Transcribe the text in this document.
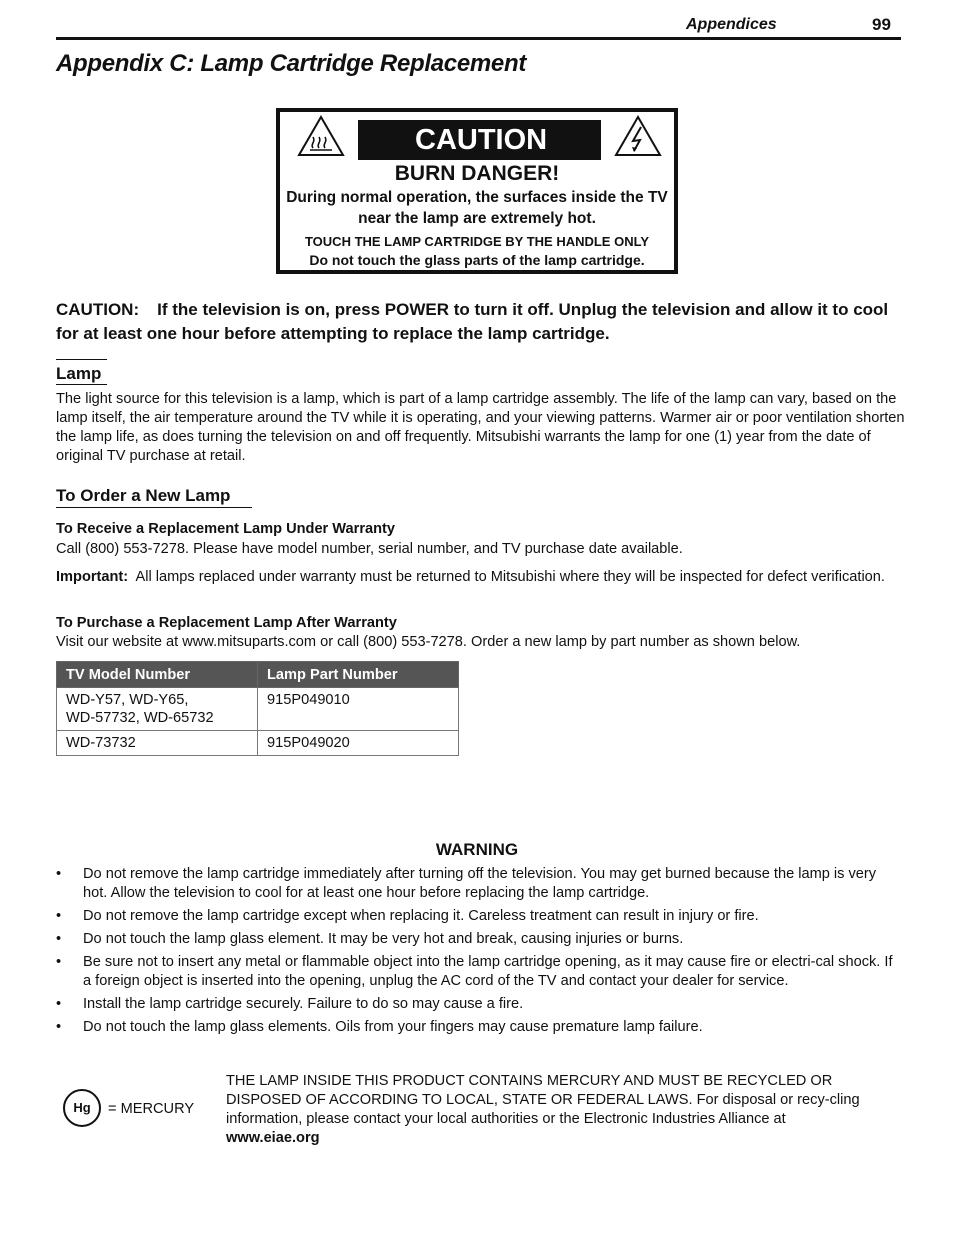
Appendices	99
Appendix C: Lamp Cartridge Replacement
CAUTION
BURN DANGER!
During normal operation, the surfaces inside the TV near the lamp are extremely hot.
TOUCH THE LAMP CARTRIDGE BY THE HANDLE ONLY
Do not touch the glass parts of the lamp cartridge.
CAUTION: If the television is on, press POWER to turn it off. Unplug the television and allow it to cool for at least one hour before attempting to replace the lamp cartridge.
Lamp
The light source for this television is a lamp, which is part of a lamp cartridge assembly. The life of the lamp can vary, based on the lamp itself, the air temperature around the TV while it is operating, and your viewing patterns. Warmer air or poor ventilation shorten the lamp life, as does turning the television on and off frequently. Mitsubishi warrants the lamp for one (1) year from the date of original TV purchase at retail.
To Order a New Lamp
To Receive a Replacement Lamp Under Warranty
Call (800) 553-7278. Please have model number, serial number, and TV purchase date available.
Important: All lamps replaced under warranty must be returned to Mitsubishi where they will be inspected for defect verification.
To Purchase a Replacement Lamp After Warranty
Visit our website at www.mitsuparts.com or call (800) 553-7278. Order a new lamp by part number as shown below.
TV Model Number	Lamp Part Number
WD-Y57, WD-Y65,
WD-57732, WD-65732	915P049010
WD-73732	915P049020
WARNING
• Do not remove the lamp cartridge immediately after turning off the television. You may get burned because the lamp is very hot. Allow the television to cool for at least one hour before replacing the lamp cartridge.
• Do not remove the lamp cartridge except when replacing it. Careless treatment can result in injury or fire.
• Do not touch the lamp glass element. It may be very hot and break, causing injuries or burns.
• Be sure not to insert any metal or flammable object into the lamp cartridge opening, as it may cause fire or electri-cal shock. If a foreign object is inserted into the opening, unplug the AC cord of the TV and contact your dealer for service.
• Install the lamp cartridge securely. Failure to do so may cause a fire.
• Do not touch the lamp glass elements. Oils from your fingers may cause premature lamp failure.
Hg	= MERCURY
THE LAMP INSIDE THIS PRODUCT CONTAINS MERCURY AND MUST BE RECYCLED OR DISPOSED OF ACCORDING TO LOCAL, STATE OR FEDERAL LAWS. For disposal or recy-cling information, please contact your local authorities or the Electronic Industries Alliance at
www.eiae.org
